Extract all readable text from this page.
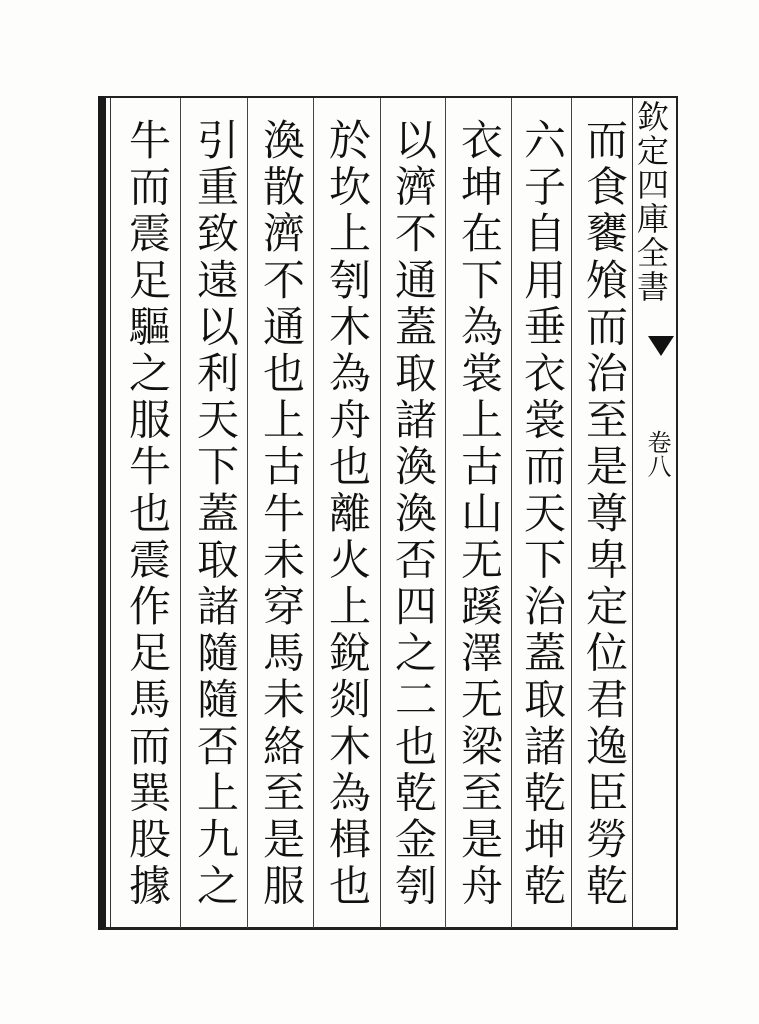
欽定四庫全書
卷八
而食饔飧而治至是尊卑定位君逸臣勞乾
六子自用垂衣裳而天下治蓋取諸乾坤乾
衣坤在下為裳上古山无蹊澤无梁至是舟
以濟不通蓋取諸渙渙否四之二也乾金刳
於坎上刳木為舟也離火上銳剡木為楫也
渙散濟不通也上古牛未穿馬未絡至是服
引重致遠以利天下蓋取諸隨隨否上九之
牛而震足驅之服牛也震作足馬而巽股據
